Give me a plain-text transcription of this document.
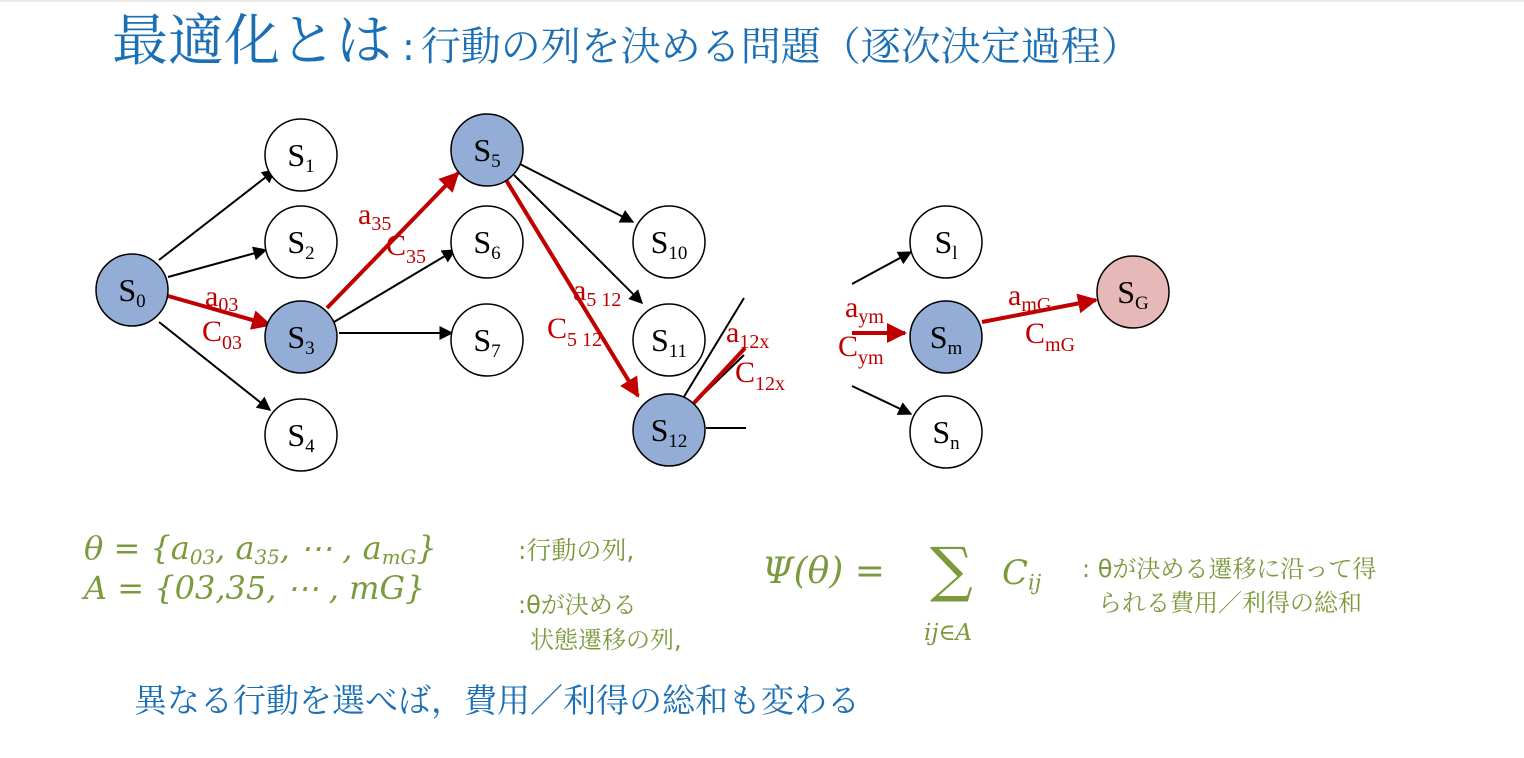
最適化とは : 行動の列を決める問題（逐次決定過程）
S0
S1
S2
S3
S4
S5
S6
S7
S10
S11
S12
Sl
Sm
Sn
SG
a03
$C_{03}$
$a_{35}$
$C_{35}$
$a_{5 12}$
$C_{5 12}$	$a_{12x}$
$C_{12x}$
$a_{ym}$
$C_{ym}$
$a_{mG}$
$C_{mG}$
$\theta = \{a_{03}$, $a_{35}$, ⋯ , $a_{mG}$}	:行動の列,
A = {03,35, ⋯ , mG}	:θが決める
状態遷移の列,
Ψ(θ) = ∑
ij∈A
$C_{ij}$ : θが決める遷移に沿って得
られる費用／利得の総和
異なる行動を選べば，費用／利得の総和も変わる
